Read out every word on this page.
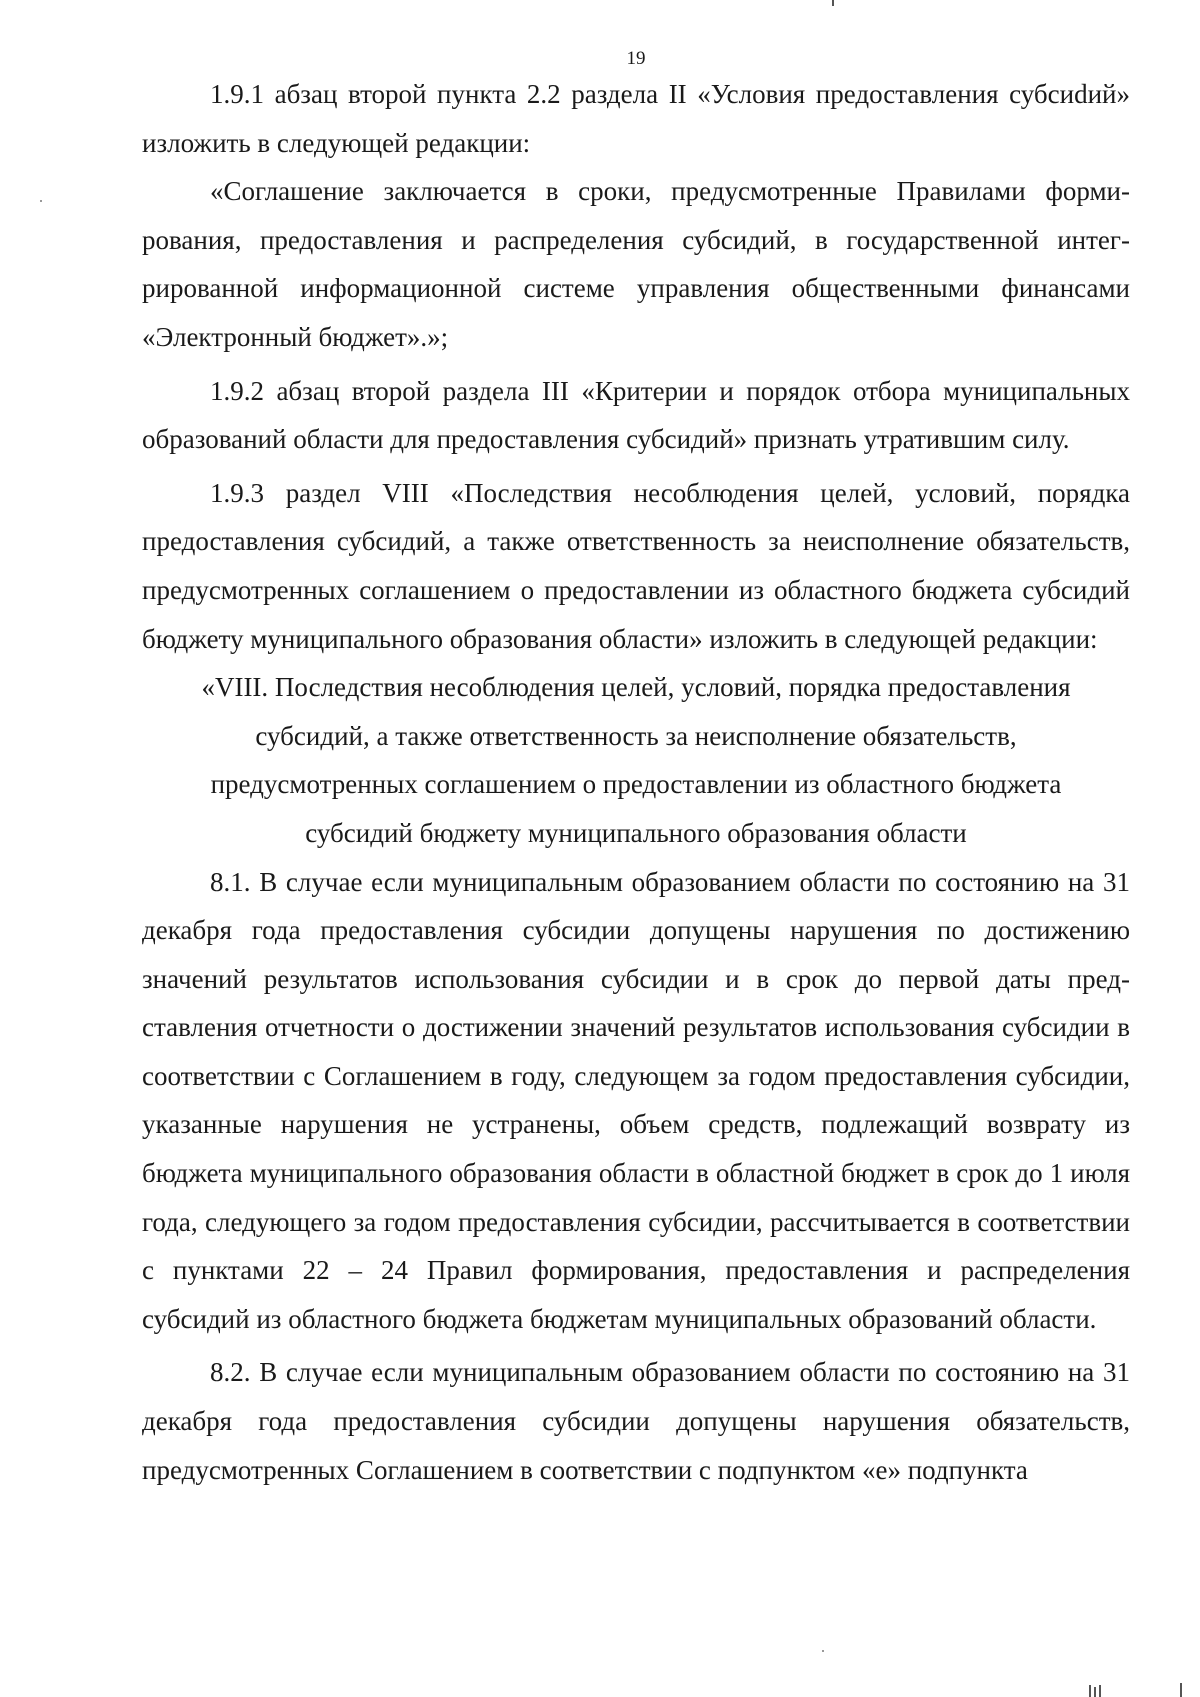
19

1.9.1 абзац второй пункта 2.2 раздела II «Условия предоставления субсиdий» изложить в следующей редакции:

«Соглашение заключается в сроки, предусмотренные Правилами формирования, предоставления и распределения субсидий, в государственной интегрированной информационной системе управления общественными финансами «Электронный бюджет».»;

1.9.2 абзац второй раздела III «Критерии и порядок отбора муниципальных образований области для предоставления субсидий» признать утратившим силу.

1.9.3 раздел VIII «Последствия несоблюдения целей, условий, порядка предоставления субсидий, а также ответственность за неисполнение обязательств, предусмотренных соглашением о предоставлении из областного бюджета субсидий бюджету муниципального образования области» изложить в следующей редакции:

«VIII. Последствия несоблюдения целей, условий, порядка предоставления
субсидий, а также ответственность за неисполнение обязательств,
предусмотренных соглашением о предоставлении из областного бюджета
субсидий бюджету муниципального образования области

8.1. В случае если муниципальным образованием области по состоянию на 31 декабря года предоставления субсидии допущены нарушения по достижению значений результатов использования субсидии и в срок до первой даты представления отчетности о достижении значений результатов использования субсидии в соответствии с Соглашением в году, следующем за годом предоставления субсидии, указанные нарушения не устранены, объем средств, подлежащий возврату из бюджета муниципального образования области в областной бюджет в срок до 1 июля года, следующего за годом предоставления субсидии, рассчитывается в соответствии с пунктами 22 – 24 Правил формирования, предоставления и распределения субсидий из областного бюджета бюджетам муниципальных образований области.

8.2. В случае если муниципальным образованием области по состоянию на 31 декабря года предоставления субсидии допущены нарушения обязательств, предусмотренных Соглашением в соответствии с подпунктом «е» подпункта
